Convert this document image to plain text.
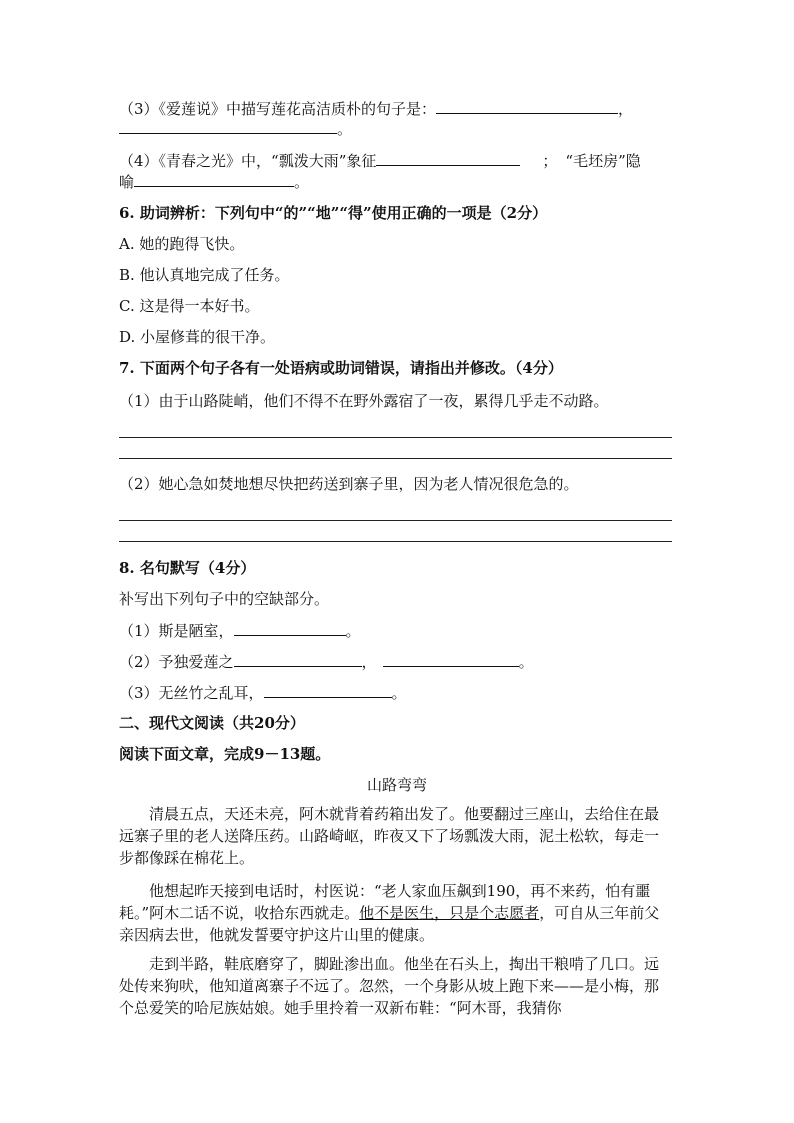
（3）《爱莲说》中描写莲花高洁质朴的句子是：	，
。
（4）《青春之光》中，“瓢泼大雨”象征	； “毛坯房”隐
喻	。
6. 助词辨析：下列句中“的”“地”“得”使用正确的一项是（2分）
A. 她的跑得飞快。
B. 他认真地完成了任务。
C. 这是得一本好书。
D. 小屋修葺的很干净。
7. 下面两个句子各有一处语病或助词错误，请指出并修改。（4分）
（1）由于山路陡峭，他们不得不在野外露宿了一夜，累得几乎走不动路。
（2）她心急如焚地想尽快把药送到寨子里，因为老人情况很危急的。
8. 名句默写（4分）
补写出下列句子中的空缺部分。
（1）斯是陋室，	。
（2）予独爱莲之	，	。
（3）无丝竹之乱耳，	。
二、现代文阅读（共20分）
阅读下面文章，完成9－13题。
山路弯弯
清晨五点，天还未亮，阿木就背着药箱出发了。他要翻过三座山，去给住在最远寨子里的老人送降压药。山路崎岖，昨夜又下了场瓢泼大雨，泥土松软，每走一步都像踩在棉花上。
他想起昨天接到电话时，村医说：“老人家血压飙到190，再不来药，怕有噩耗。”阿木二话不说，收拾东西就走。他不是医生，只是个志愿者，可自从三年前父亲因病去世，他就发誓要守护这片山里的健康。
走到半路，鞋底磨穿了，脚趾渗出血。他坐在石头上，掏出干粮啃了几口。远处传来狗吠，他知道离寨子不远了。忽然，一个身影从坡上跑下来——是小梅，那个总爱笑的哈尼族姑娘。她手里拎着一双新布鞋：“阿木哥，我猜你
